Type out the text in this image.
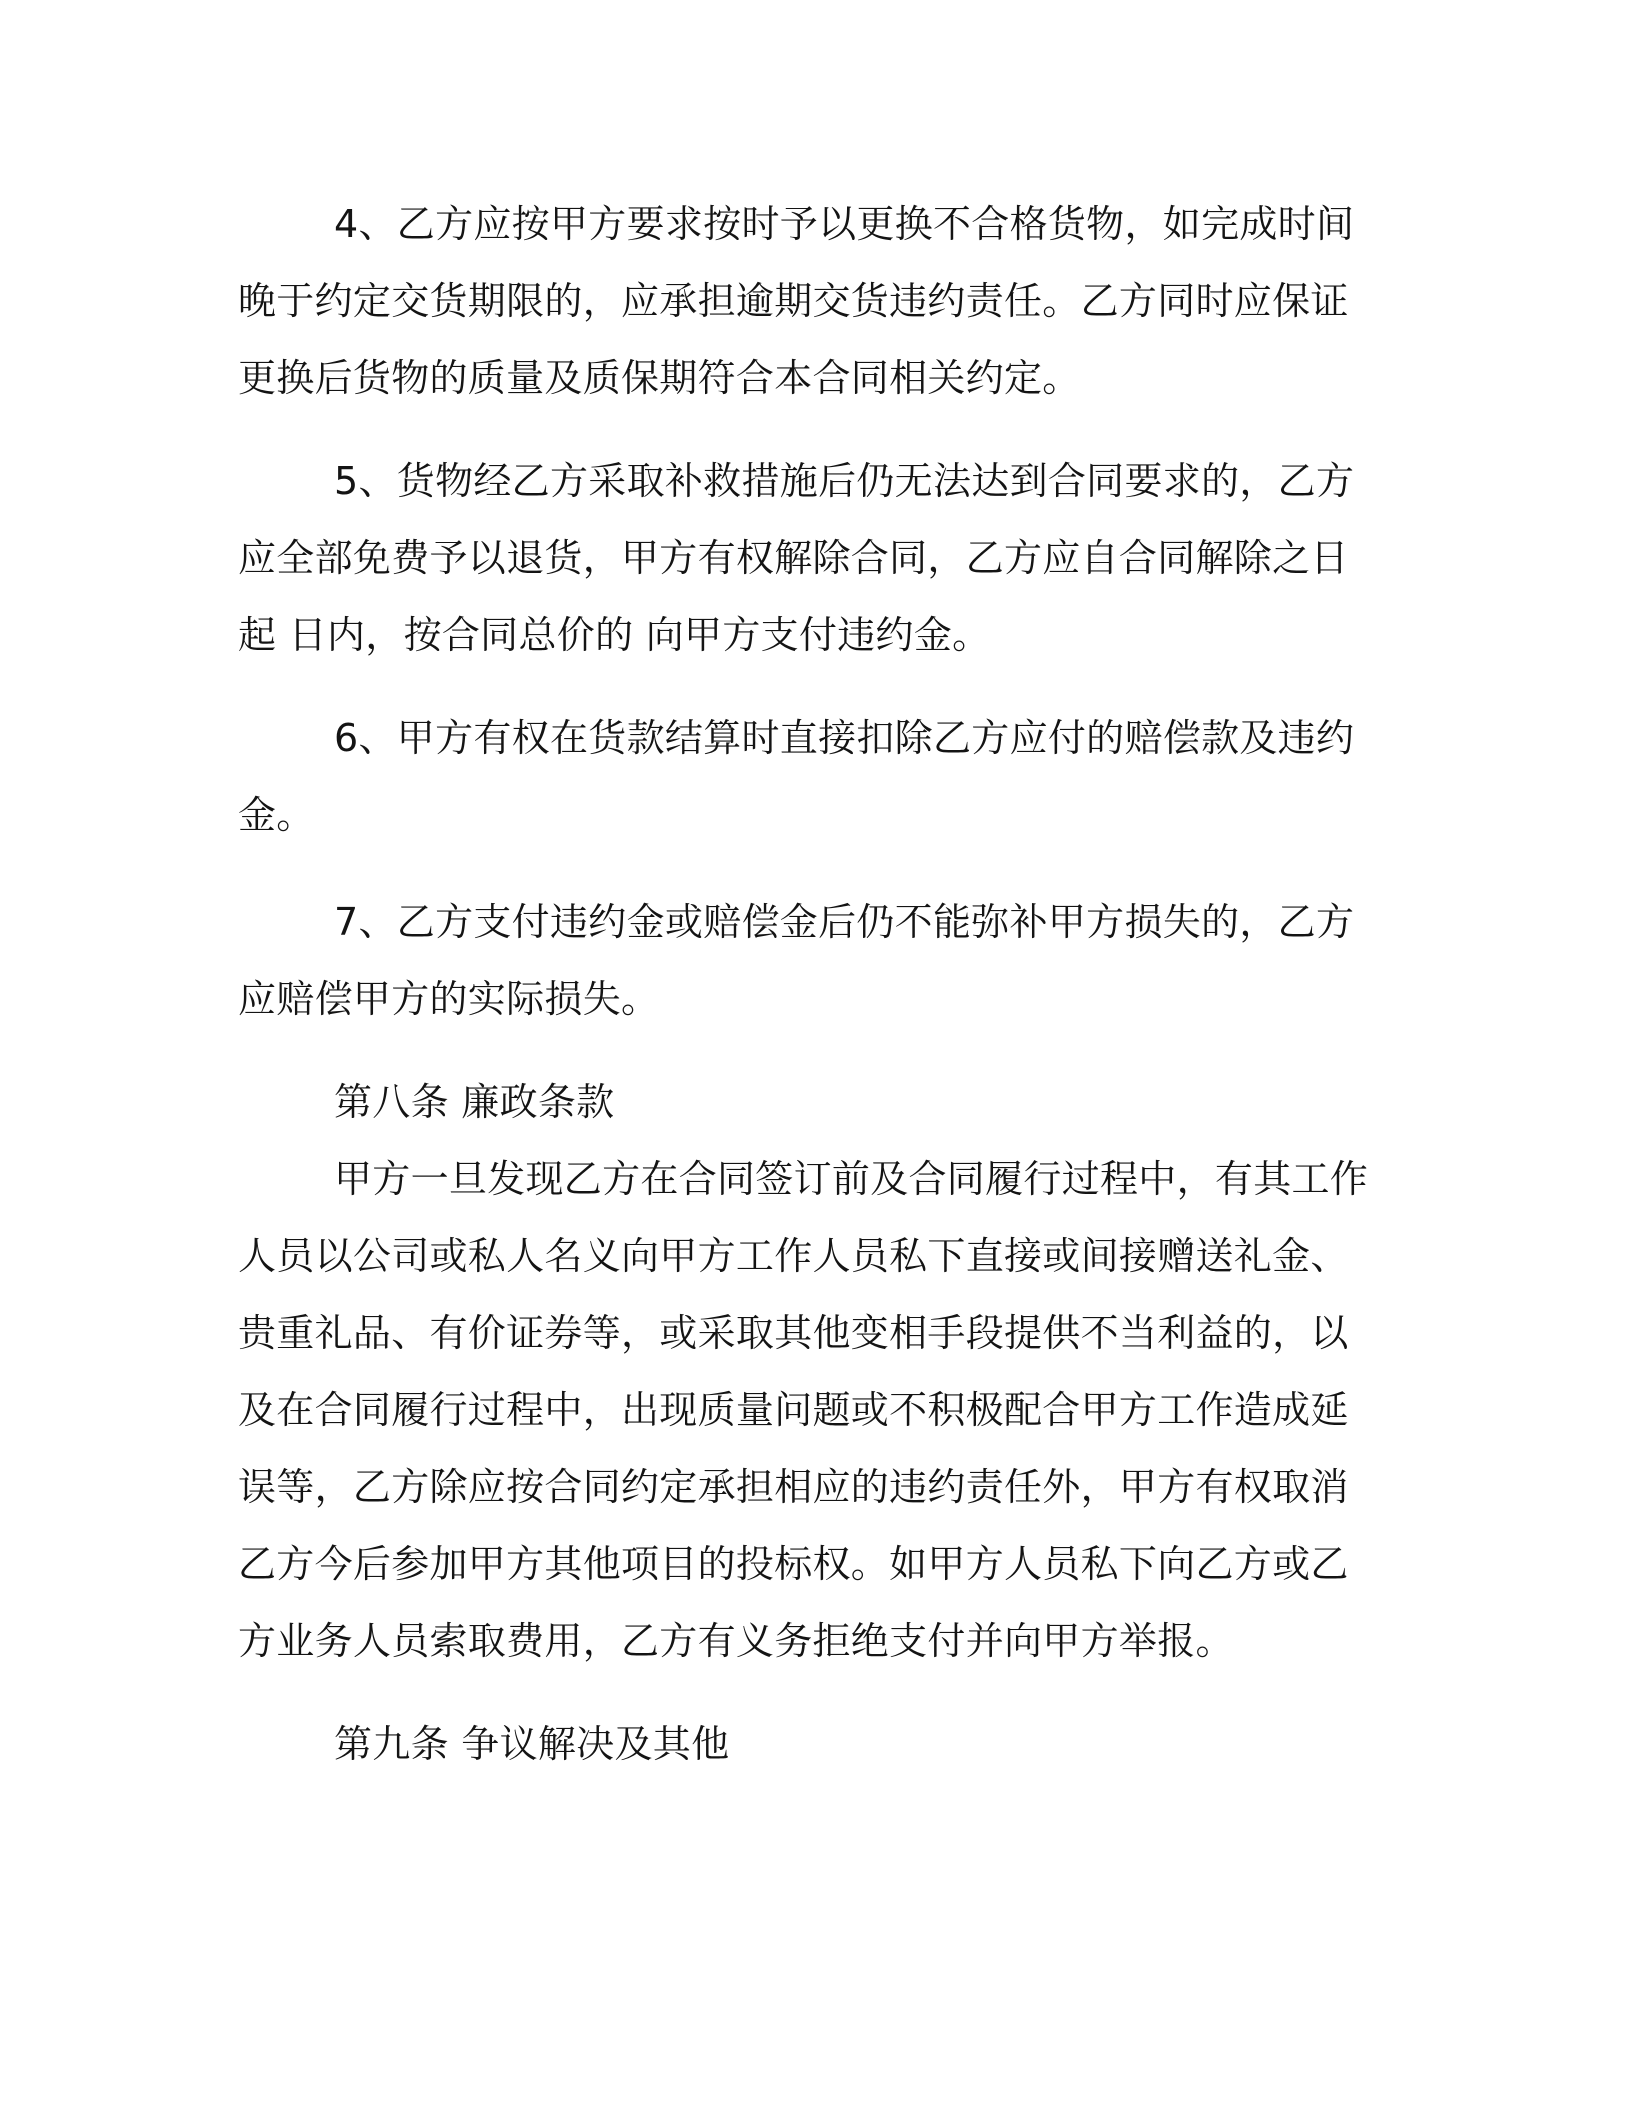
4、乙方应按甲方要求按时予以更换不合格货物，如完成时间晚于约定交货期限的，应承担逾期交货违约责任。乙方同时应保证更换后货物的质量及质保期符合本合同相关约定。

5、货物经乙方采取补救措施后仍无法达到合同要求的，乙方应全部免费予以退货，甲方有权解除合同，乙方应自合同解除之日起 日内，按合同总价的 向甲方支付违约金。

6、甲方有权在货款结算时直接扣除乙方应付的赔偿款及违约金。

7、乙方支付违约金或赔偿金后仍不能弥补甲方损失的，乙方应赔偿甲方的实际损失。

第八条 廉政条款

甲方一旦发现乙方在合同签订前及合同履行过程中，有其工作人员以公司或私人名义向甲方工作人员私下直接或间接赠送礼金、贵重礼品、有价证券等，或采取其他变相手段提供不当利益的，以及在合同履行过程中，出现质量问题或不积极配合甲方工作造成延误等，乙方除应按合同约定承担相应的违约责任外，甲方有权取消乙方今后参加甲方其他项目的投标权。如甲方人员私下向乙方或乙方业务人员索取费用，乙方有义务拒绝支付并向甲方举报。

第九条 争议解决及其他
